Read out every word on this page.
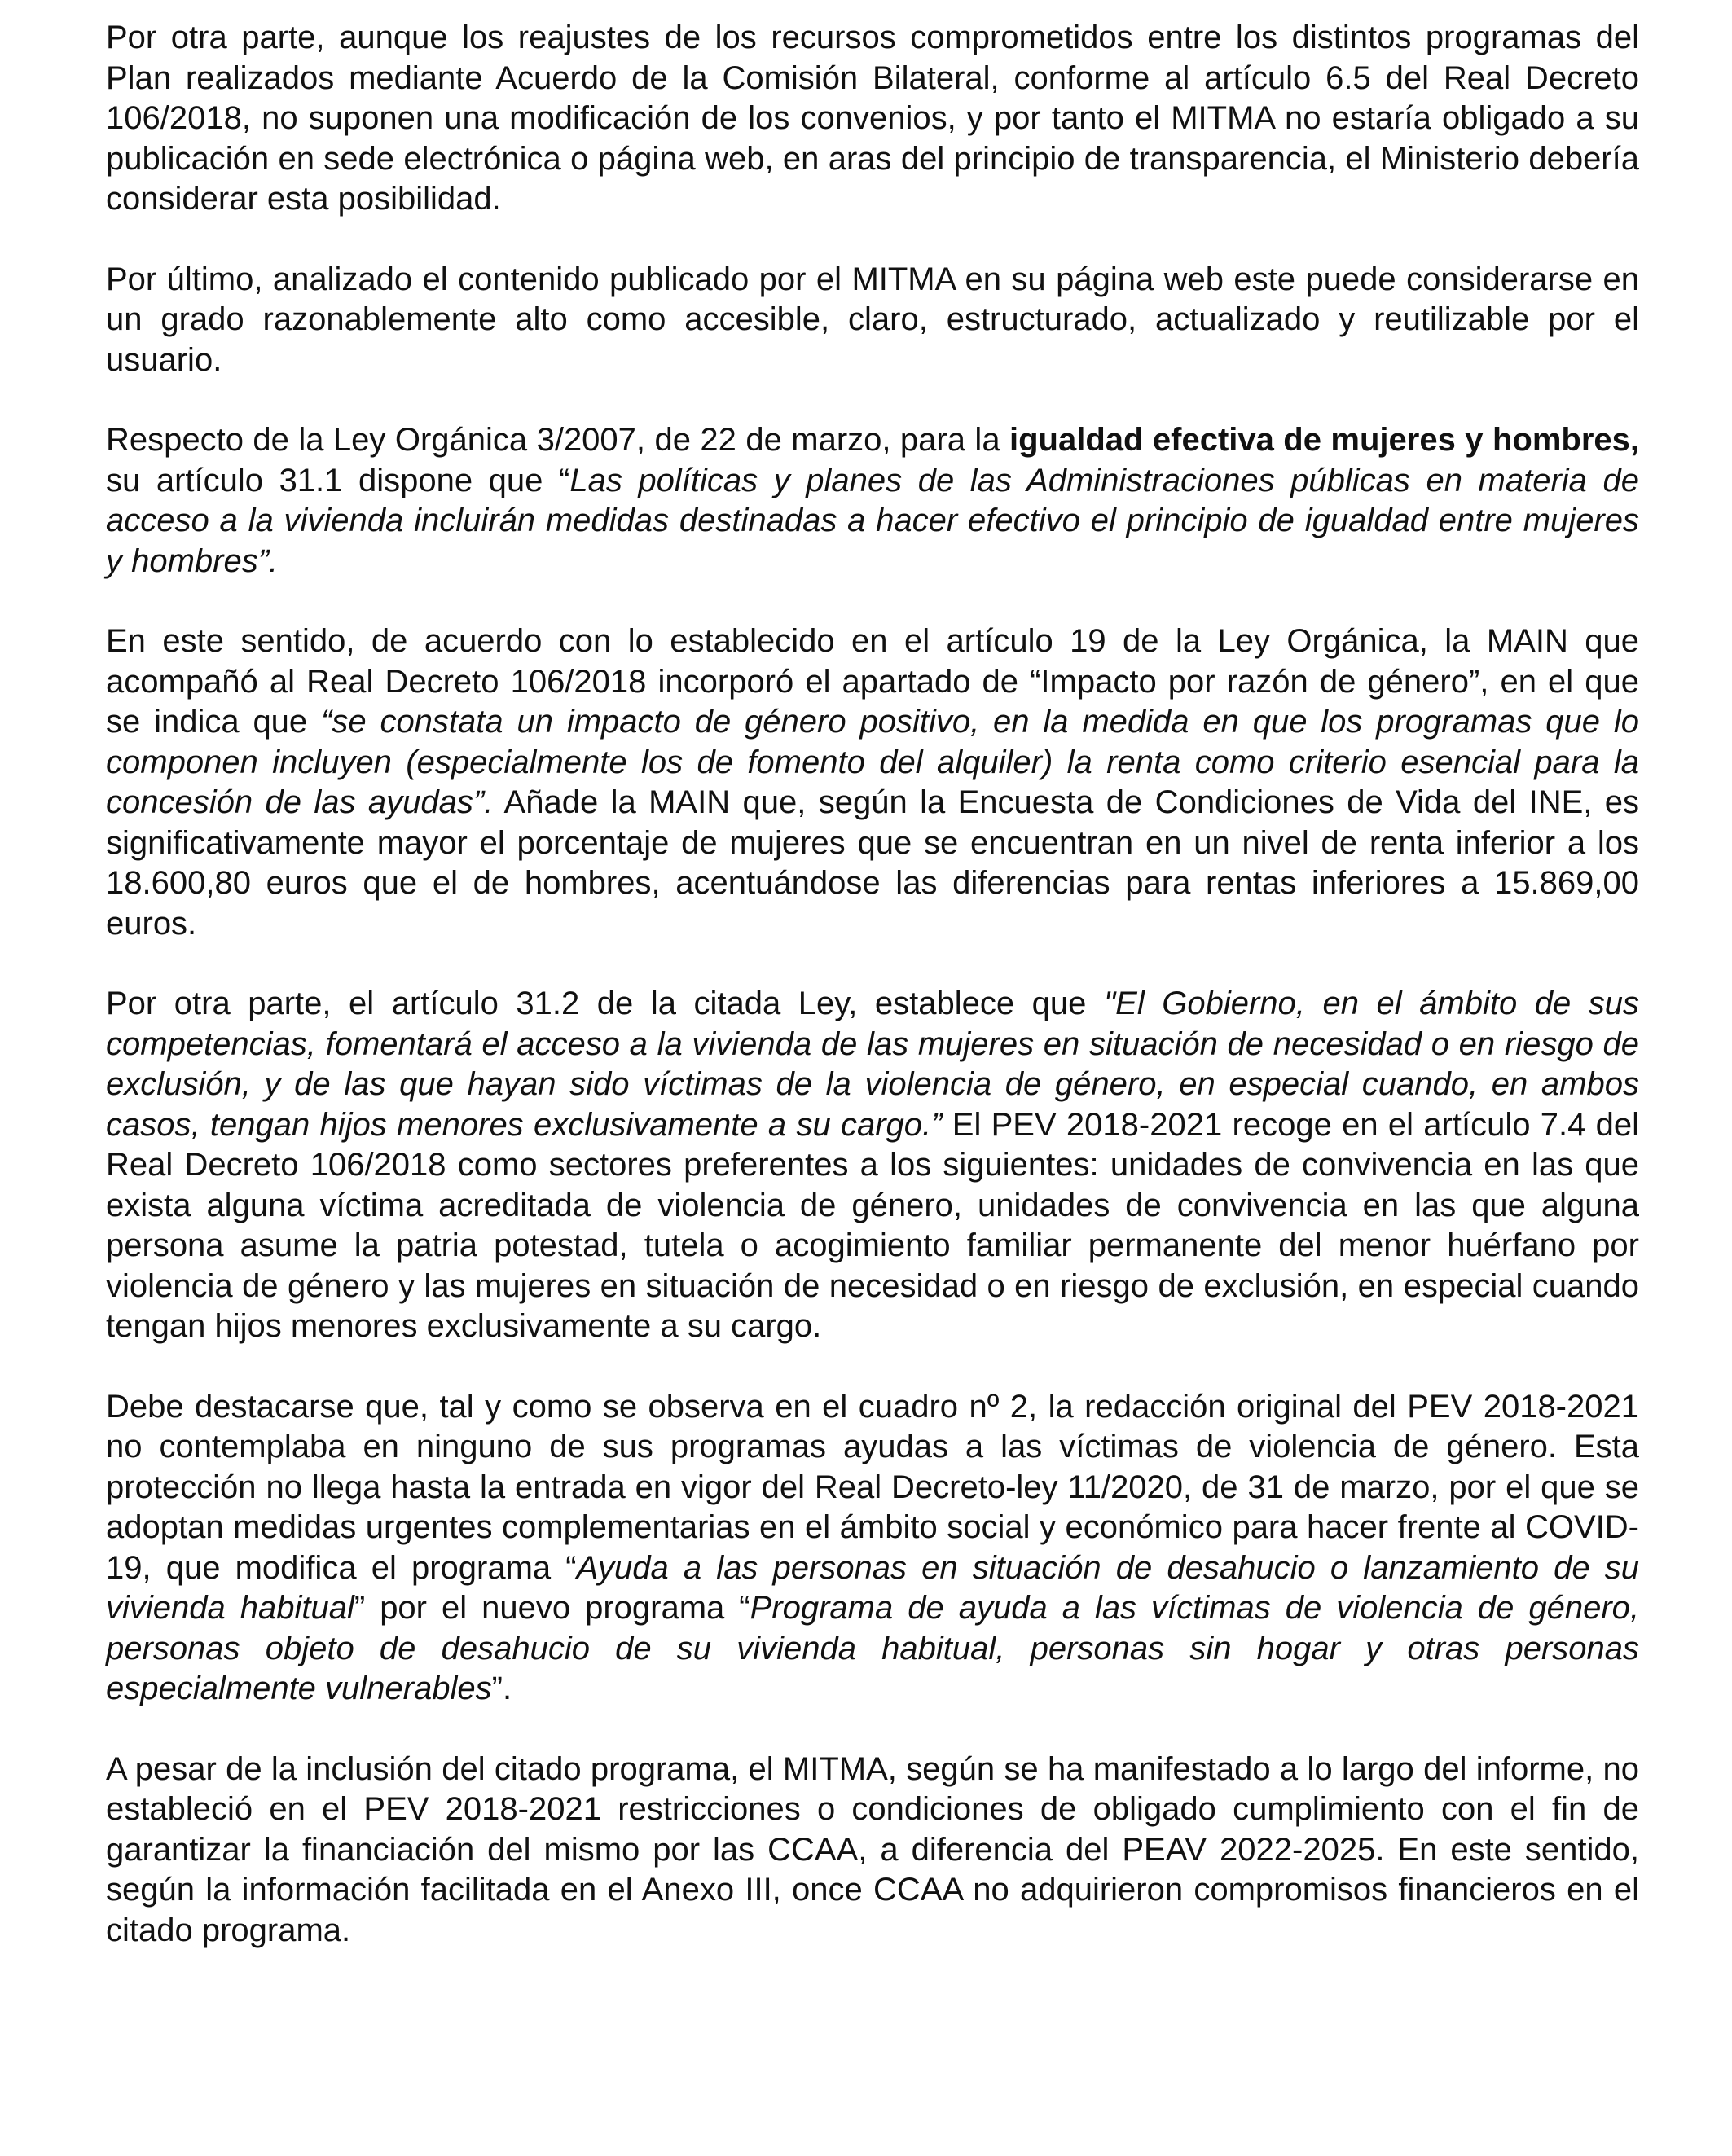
Por otra parte, aunque los reajustes de los recursos comprometidos entre los distintos programas del Plan realizados mediante Acuerdo de la Comisión Bilateral, conforme al artículo 6.5 del Real Decreto 106/2018, no suponen una modificación de los convenios, y por tanto el MITMA no estaría obligado a su publicación en sede electrónica o página web, en aras del principio de transparencia, el Ministerio debería considerar esta posibilidad.

Por último, analizado el contenido publicado por el MITMA en su página web este puede considerarse en un grado razonablemente alto como accesible, claro, estructurado, actualizado y reutilizable por el usuario.

Respecto de la Ley Orgánica 3/2007, de 22 de marzo, para la igualdad efectiva de mujeres y hombres, su artículo 31.1 dispone que “Las políticas y planes de las Administraciones públicas en materia de acceso a la vivienda incluirán medidas destinadas a hacer efectivo el principio de igualdad entre mujeres y hombres”.

En este sentido, de acuerdo con lo establecido en el artículo 19 de la Ley Orgánica, la MAIN que acompañó al Real Decreto 106/2018 incorporó el apartado de “Impacto por razón de género”, en el que se indica que “se constata un impacto de género positivo, en la medida en que los programas que lo componen incluyen (especialmente los de fomento del alquiler) la renta como criterio esencial para la concesión de las ayudas”. Añade la MAIN que, según la Encuesta de Condiciones de Vida del INE, es significativamente mayor el porcentaje de mujeres que se encuentran en un nivel de renta inferior a los 18.600,80 euros que el de hombres, acentuándose las diferencias para rentas inferiores a 15.869,00 euros.

Por otra parte, el artículo 31.2 de la citada Ley, establece que "El Gobierno, en el ámbito de sus competencias, fomentará el acceso a la vivienda de las mujeres en situación de necesidad o en riesgo de exclusión, y de las que hayan sido víctimas de la violencia de género, en especial cuando, en ambos casos, tengan hijos menores exclusivamente a su cargo.” El PEV 2018-2021 recoge en el artículo 7.4 del Real Decreto 106/2018 como sectores preferentes a los siguientes: unidades de convivencia en las que exista alguna víctima acreditada de violencia de género, unidades de convivencia en las que alguna persona asume la patria potestad, tutela o acogimiento familiar permanente del menor huérfano por violencia de género y las mujeres en situación de necesidad o en riesgo de exclusión, en especial cuando tengan hijos menores exclusivamente a su cargo.

Debe destacarse que, tal y como se observa en el cuadro nº 2, la redacción original del PEV 2018-2021 no contemplaba en ninguno de sus programas ayudas a las víctimas de violencia de género. Esta protección no llega hasta la entrada en vigor del Real Decreto-ley 11/2020, de 31 de marzo, por el que se adoptan medidas urgentes complementarias en el ámbito social y económico para hacer frente al COVID-19, que modifica el programa “Ayuda a las personas en situación de desahucio o lanzamiento de su vivienda habitual” por el nuevo programa “Programa de ayuda a las víctimas de violencia de género, personas objeto de desahucio de su vivienda habitual, personas sin hogar y otras personas especialmente vulnerables”.

A pesar de la inclusión del citado programa, el MITMA, según se ha manifestado a lo largo del informe, no estableció en el PEV 2018-2021 restricciones o condiciones de obligado cumplimiento con el fin de garantizar la financiación del mismo por las CCAA, a diferencia del PEAV 2022-2025. En este sentido, según la información facilitada en el Anexo III, once CCAA no adquirieron compromisos financieros en el citado programa.
